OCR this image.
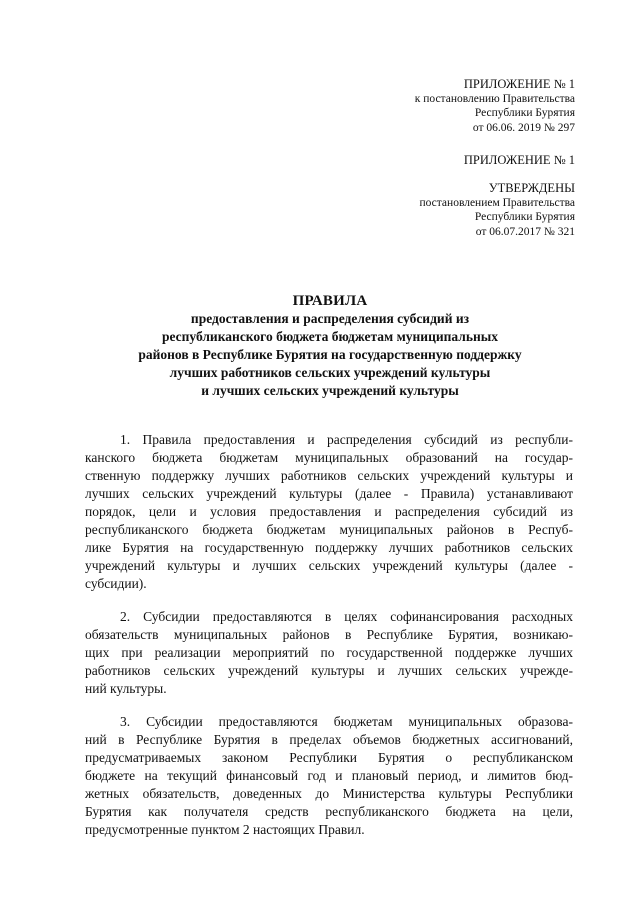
ПРИЛОЖЕНИЕ № 1
к постановлению Правительства
Республики Бурятия
от 06.06. 2019 № 297
ПРИЛОЖЕНИЕ № 1
УТВЕРЖДЕНЫ
постановлением Правительства
Республики Бурятия
от 06.07.2017 № 321
ПРАВИЛА
предоставления и распределения субсидий из
республиканского бюджета бюджетам муниципальных
районов в Республике Бурятия на государственную поддержку
лучших работников сельских учреждений культуры
и лучших сельских учреждений культуры
1. Правила предоставления и распределения субсидий из республи-
канского бюджета бюджетам муниципальных образований на государ-
ственную поддержку лучших работников сельских учреждений культуры и
лучших сельских учреждений культуры (далее - Правила) устанавливают
порядок, цели и условия предоставления и распределения субсидий из
республиканского бюджета бюджетам муниципальных районов в Респуб-
лике Бурятия на государственную поддержку лучших работников сельских
учреждений культуры и лучших сельских учреждений культуры (далее -
субсидии).
2. Субсидии предоставляются в целях софинансирования расходных
обязательств муниципальных районов в Республике Бурятия, возникаю-
щих при реализации мероприятий по государственной поддержке лучших
работников сельских учреждений культуры и лучших сельских учрежде-
ний культуры.
3. Субсидии предоставляются бюджетам муниципальных образова-
ний в Республике Бурятия в пределах объемов бюджетных ассигнований,
предусматриваемых законом Республики Бурятия о республиканском
бюджете на текущий финансовый год и плановый период, и лимитов бюд-
жетных обязательств, доведенных до Министерства культуры Республики
Бурятия как получателя средств республиканского бюджета на цели,
предусмотренные пунктом 2 настоящих Правил.
